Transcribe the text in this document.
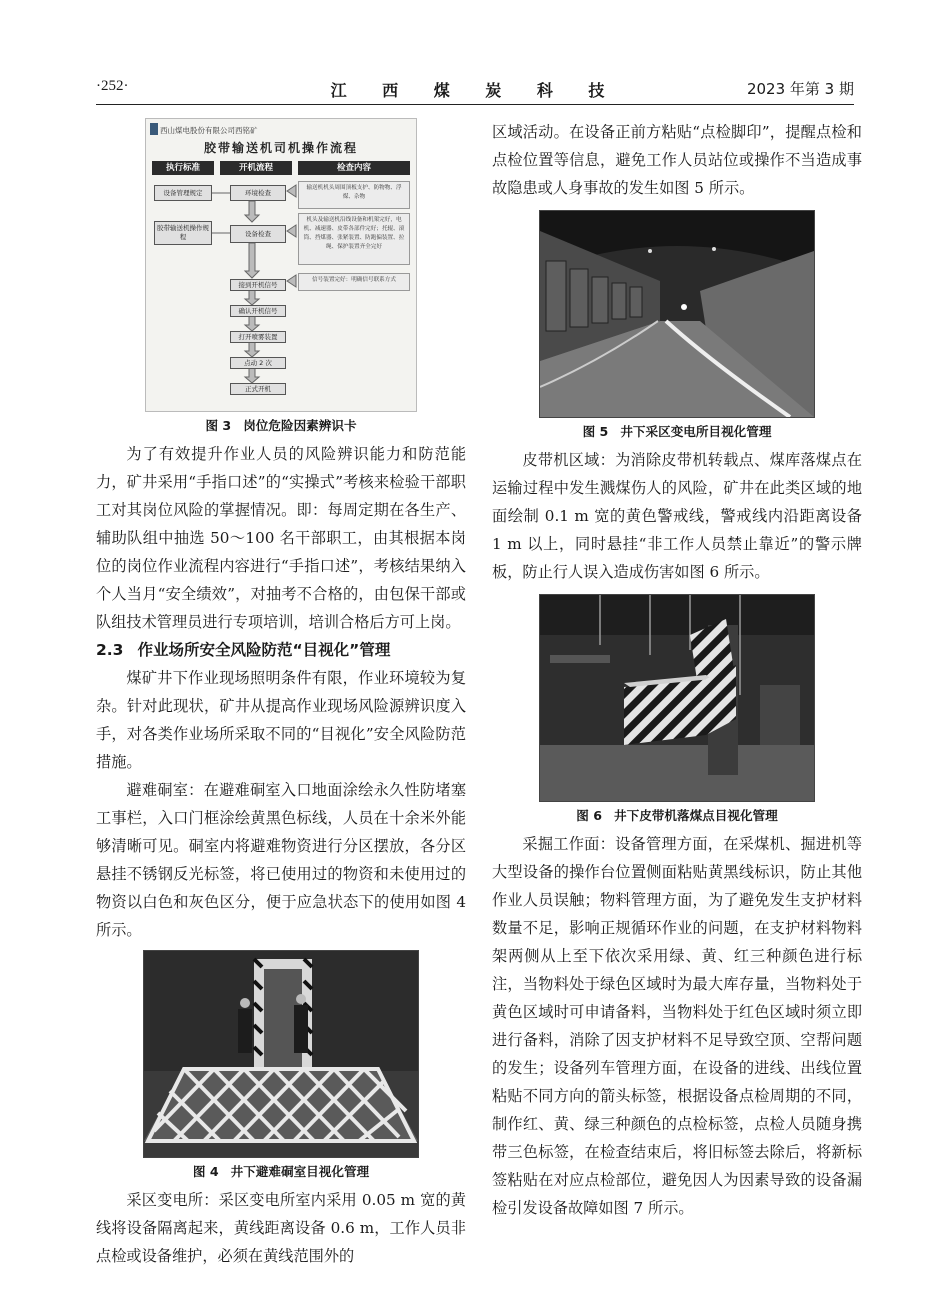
·252·	江 西 煤 炭 科 技	2023 年第 3 期
西山煤电股份有限公司西铭矿
胶带输送机司机操作流程
执行标准	开机流程	检查内容
设备管理规定
胶带输送机操作规程
环境检查
设备检查
接到开机信号
确认开机信号
打开喷雾装置
点动 2 次
正式开机
输送机机头周围顶板支护、防物物、浮煤、杂物
机头及输送机沿线设备和机架完好，电机、减速器、皮带各部件完好；托辊、滚筒、挡煤器、张紧装置、防跑偏装置、拉绳、保护装置齐全完好
信号装置完好：明确信号联系方式
图 3 岗位危险因素辨识卡

为了有效提升作业人员的风险辨识能力和防范能力，矿井采用“手指口述”的“实操式”考核来检验干部职工对其岗位风险的掌握情况。即：每周定期在各生产、辅助队组中抽选 50～100 名干部职工，由其根据本岗位的岗位作业流程内容进行“手指口述”，考核结果纳入个人当月“安全绩效”，对抽考不合格的，由包保干部或队组技术管理员进行专项培训，培训合格后方可上岗。

2.3 作业场所安全风险防范“目视化”管理

煤矿井下作业现场照明条件有限，作业环境较为复杂。针对此现状，矿井从提高作业现场风险源辨识度入手，对各类作业场所采取不同的“目视化”安全风险防范措施。

避难硐室：在避难硐室入口地面涂绘永久性防堵塞工事栏，入口门框涂绘黄黑色标线，人员在十余米外能够清晰可见。硐室内将避难物资进行分区摆放，各分区悬挂不锈钢反光标签，将已使用过的物资和未使用过的物资以白色和灰色区分，便于应急状态下的使用如图 4 所示。

图 4 井下避难硐室目视化管理

采区变电所：采区变电所室内采用 0.05 m 宽的黄线将设备隔离起来，黄线距离设备 0.6 m，工作人员非点检或设备维护，必须在黄线范围外的

区域活动。在设备正前方粘贴“点检脚印”，提醒点检和点检位置等信息，避免工作人员站位或操作不当造成事故隐患或人身事故的发生如图 5 所示。

图 5 井下采区变电所目视化管理

皮带机区域：为消除皮带机转载点、煤库落煤点在运输过程中发生溅煤伤人的风险，矿井在此类区域的地面绘制 0.1 m 宽的黄色警戒线，警戒线内沿距离设备 1 m 以上，同时悬挂“非工作人员禁止靠近”的警示牌板，防止行人误入造成伤害如图 6 所示。

图 6 井下皮带机落煤点目视化管理

采掘工作面：设备管理方面，在采煤机、掘进机等大型设备的操作台位置侧面粘贴黄黑线标识，防止其他作业人员误触；物料管理方面，为了避免发生支护材料数量不足，影响正规循环作业的问题，在支护材料物料架两侧从上至下依次采用绿、黄、红三种颜色进行标注，当物料处于绿色区域时为最大库存量，当物料处于黄色区域时可申请备料，当物料处于红色区域时须立即进行备料，消除了因支护材料不足导致空顶、空帮问题的发生；设备列车管理方面，在设备的进线、出线位置粘贴不同方向的箭头标签，根据设备点检周期的不同，制作红、黄、绿三种颜色的点检标签，点检人员随身携带三色标签，在检查结束后，将旧标签去除后，将新标签粘贴在对应点检部位，避免因人为因素导致的设备漏检引发设备故障如图 7 所示。
